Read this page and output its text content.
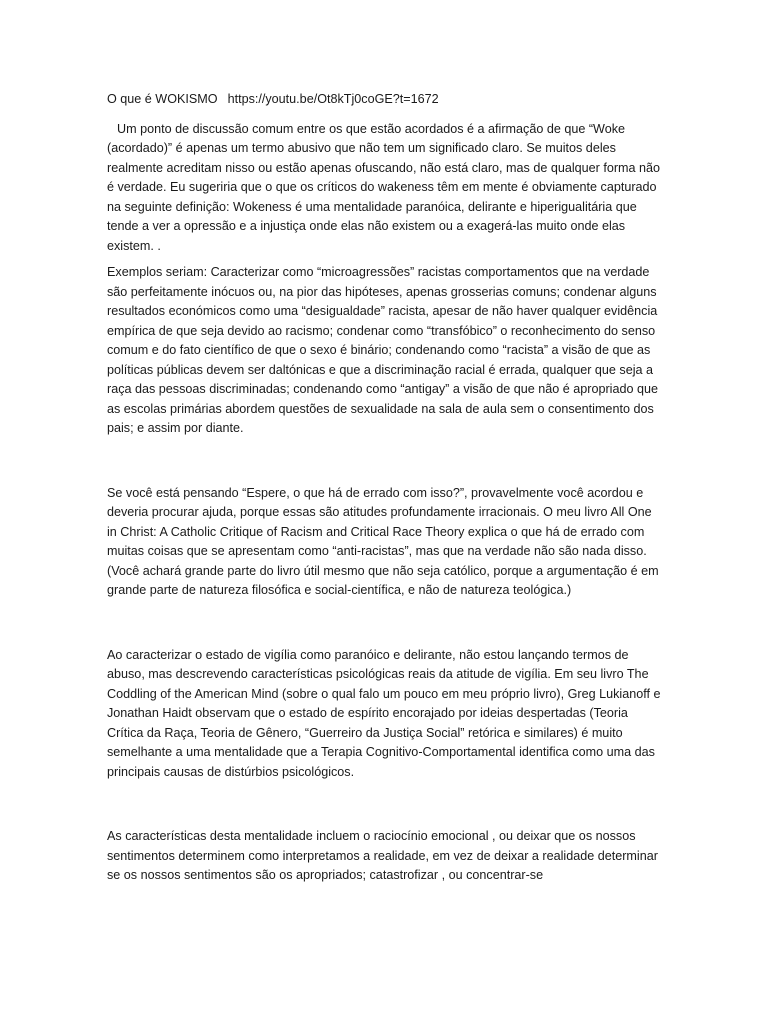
O que é WOKISMO https://youtu.be/Ot8kTj0coGE?t=1672

Um ponto de discussão comum entre os que estão acordados é a afirmação de que “Woke (acordado)” é apenas um termo abusivo que não tem um significado claro. Se muitos deles realmente acreditam nisso ou estão apenas ofuscando, não está claro, mas de qualquer forma não é verdade. Eu sugeriria que o que os críticos do wakeness têm em mente é obviamente capturado na seguinte definição: Wokeness é uma mentalidade paranóica, delirante e hiperigualitária que tende a ver a opressão e a injustiça onde elas não existem ou a exagerá-las muito onde elas existem. .

Exemplos seriam: Caracterizar como “microagressões” racistas comportamentos que na verdade são perfeitamente inócuos ou, na pior das hipóteses, apenas grosserias comuns; condenar alguns resultados económicos como uma “desigualdade” racista, apesar de não haver qualquer evidência empírica de que seja devido ao racismo; condenar como “transfóbico” o reconhecimento do senso comum e do fato científico de que o sexo é binário; condenando como “racista” a visão de que as políticas públicas devem ser daltónicas e que a discriminação racial é errada, qualquer que seja a raça das pessoas discriminadas; condenando como “antigay” a visão de que não é apropriado que as escolas primárias abordem questões de sexualidade na sala de aula sem o consentimento dos pais; e assim por diante.

Se você está pensando “Espere, o que há de errado com isso?”, provavelmente você acordou e deveria procurar ajuda, porque essas são atitudes profundamente irracionais. O meu livro All One in Christ: A Catholic Critique of Racism and Critical Race Theory explica o que há de errado com muitas coisas que se apresentam como “anti-racistas”, mas que na verdade não são nada disso. (Você achará grande parte do livro útil mesmo que não seja católico, porque a argumentação é em grande parte de natureza filosófica e social-científica, e não de natureza teológica.)

Ao caracterizar o estado de vigília como paranóico e delirante, não estou lançando termos de abuso, mas descrevendo características psicológicas reais da atitude de vigília. Em seu livro The Coddling of the American Mind (sobre o qual falo um pouco em meu próprio livro), Greg Lukianoff e Jonathan Haidt observam que o estado de espírito encorajado por ideias despertadas (Teoria Crítica da Raça, Teoria de Gênero, “Guerreiro da Justiça Social” retórica e similares) é muito semelhante a uma mentalidade que a Terapia Cognitivo-Comportamental identifica como uma das principais causas de distúrbios psicológicos.

As características desta mentalidade incluem o raciocínio emocional , ou deixar que os nossos sentimentos determinem como interpretamos a realidade, em vez de deixar a realidade determinar se os nossos sentimentos são os apropriados; catastrofizar , ou concentrar-se
